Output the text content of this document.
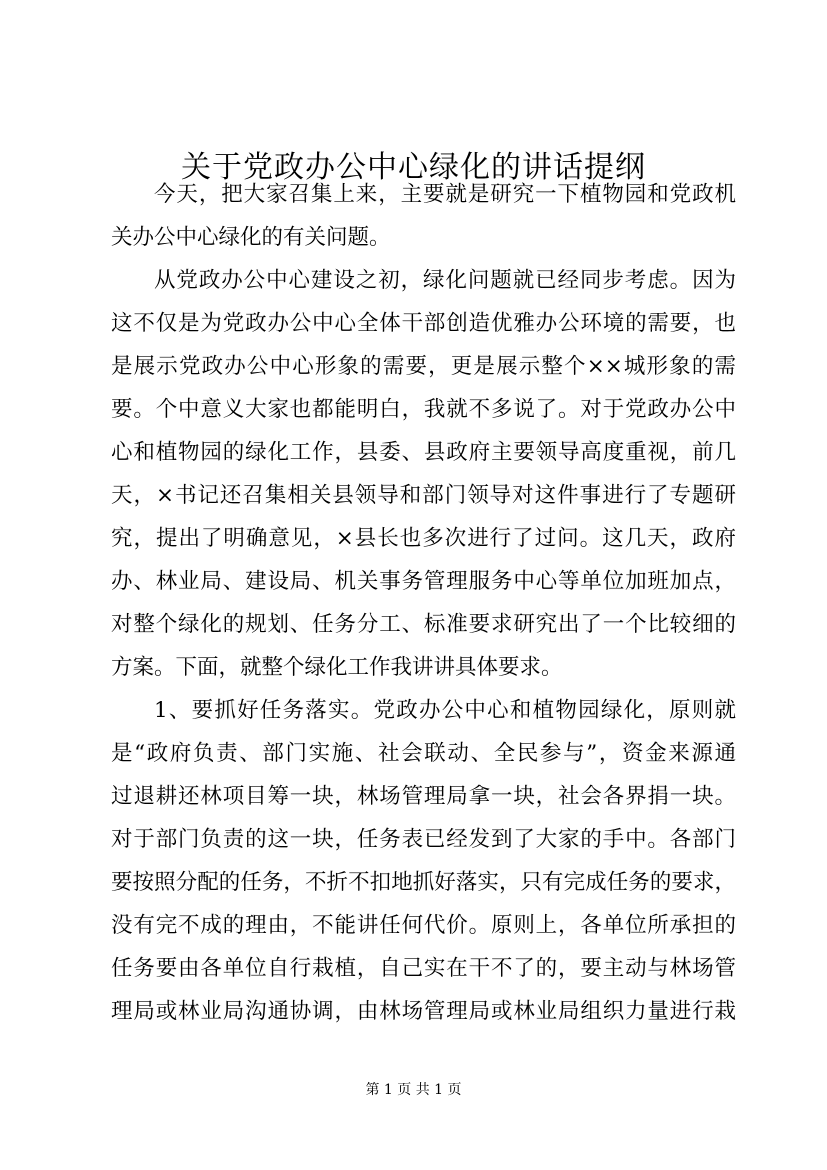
关于党政办公中心绿化的讲话提纲
今天，把大家召集上来，主要就是研究一下植物园和党政机
关办公中心绿化的有关问题。
从党政办公中心建设之初，绿化问题就已经同步考虑。因为
这不仅是为党政办公中心全体干部创造优雅办公环境的需要，也
是展示党政办公中心形象的需要，更是展示整个××城形象的需
要。个中意义大家也都能明白，我就不多说了。对于党政办公中
心和植物园的绿化工作，县委、县政府主要领导高度重视，前几
天，×书记还召集相关县领导和部门领导对这件事进行了专题研
究，提出了明确意见，×县长也多次进行了过问。这几天，政府
办、林业局、建设局、机关事务管理服务中心等单位加班加点，
对整个绿化的规划、任务分工、标准要求研究出了一个比较细的
方案。下面，就整个绿化工作我讲讲具体要求。
1、要抓好任务落实。党政办公中心和植物园绿化，原则就
是“政府负责、部门实施、社会联动、全民参与”，资金来源通
过退耕还林项目筹一块，林场管理局拿一块，社会各界捐一块。
对于部门负责的这一块，任务表已经发到了大家的手中。各部门
要按照分配的任务，不折不扣地抓好落实，只有完成任务的要求，
没有完不成的理由，不能讲任何代价。原则上，各单位所承担的
任务要由各单位自行栽植，自己实在干不了的，要主动与林场管
理局或林业局沟通协调，由林场管理局或林业局组织力量进行栽
第 1 页 共 1 页
